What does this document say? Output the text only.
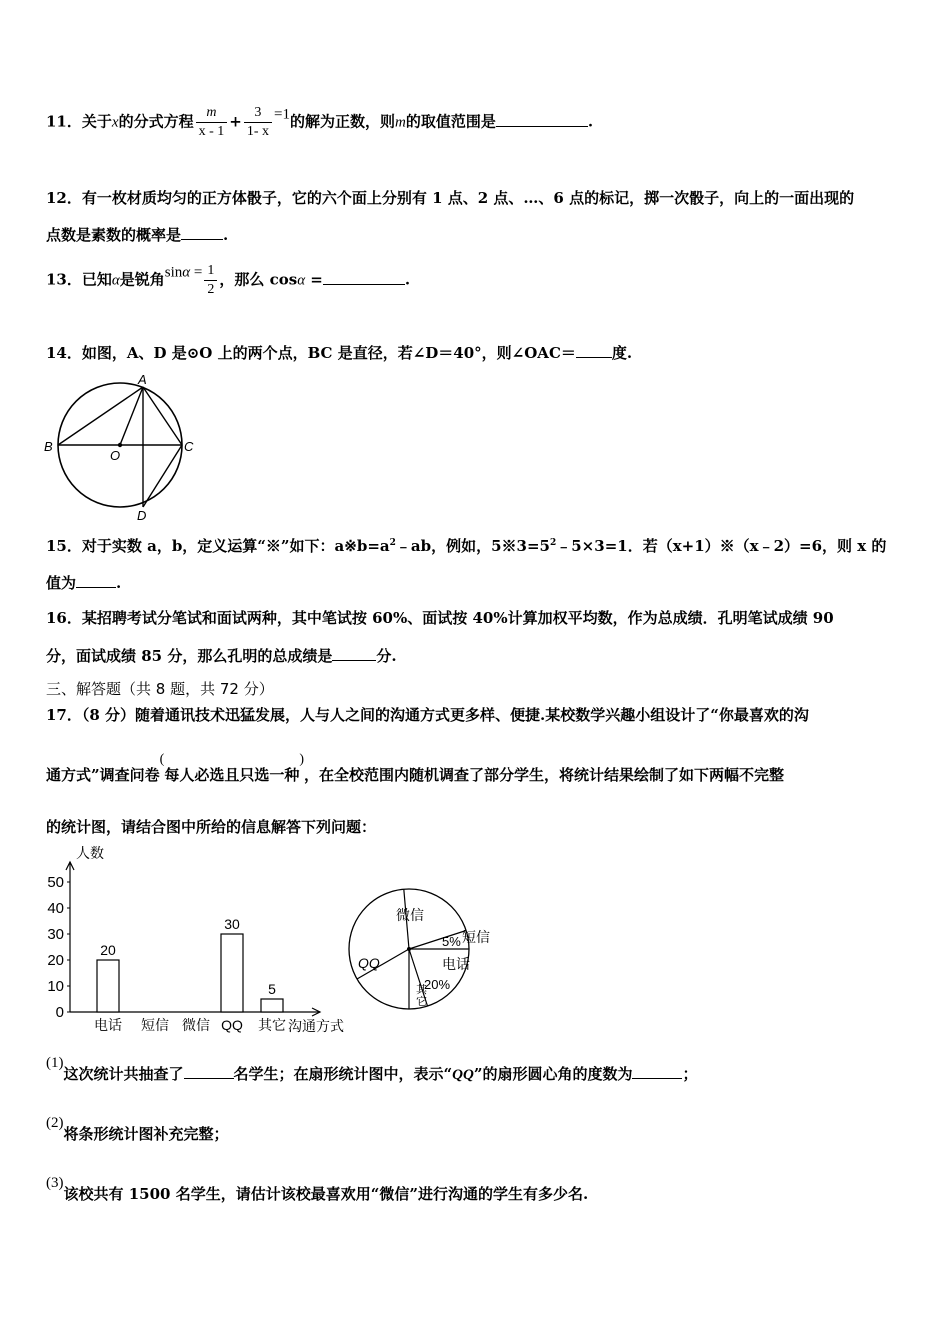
11．关于x的分式方程 $\frac{m}{x - 1} + \frac{3}{1- x} =1$的解为正数，则m的取值范围是	.
12．有一枚材质均匀的正方体骰子，它的六个面上分别有 1 点、2 点、…、6 点的标记，掷一次骰子，向上的一面出现的
点数是素数的概率是	.
13．已知α是锐角$\sin\alpha = \frac{1}{2}$ ，那么 cosα =	.
14．如图，A、D 是⊙O 上的两个点，BC 是直径，若∠D＝40°，则∠OAC＝ 度.
A
B	C
O
D
15．对于实数 a，b，定义运算“※”如下：$a※b=a^2﹣ab$，例如，$5※3=5^2﹣5\times 3=1$．若（x+1）※（x﹣2）=6，则 x 的
值为	.
16．某招聘考试分笔试和面试两种，其中笔试按 60%、面试按 40%计算加权平均数，作为总成绩．孔明笔试成绩 90
分，面试成绩 85 分，那么孔明的总成绩是	分.
三、解答题（共 8 题，共 72 分）
17．（8 分）随着通讯技术迅猛发展，人与人之间的沟通方式更多样、便捷.某校数学兴趣小组设计了“你最喜欢的沟
通方式”调查问卷(每人必选且只选一种)，在全校范围内随机调查了部分学生，将统计结果绘制了如下两幅不完整
的统计图，请结合图中所给的信息解答下列问题：
人数
沟通方式
0
10
20
30
40
50
电话
20
短信 微信 QQ
30
其它
5
微信
5% 短信
电话
20%
其
它
QQ
(1)这次统计共抽查了	名学生；在扇形统计图中，表示“QQ”的扇形圆心角的度数为	；
(2)将条形统计图补充完整；
(3)该校共有 1500 名学生，请估计该校最喜欢用“微信”进行沟通的学生有多少名.
